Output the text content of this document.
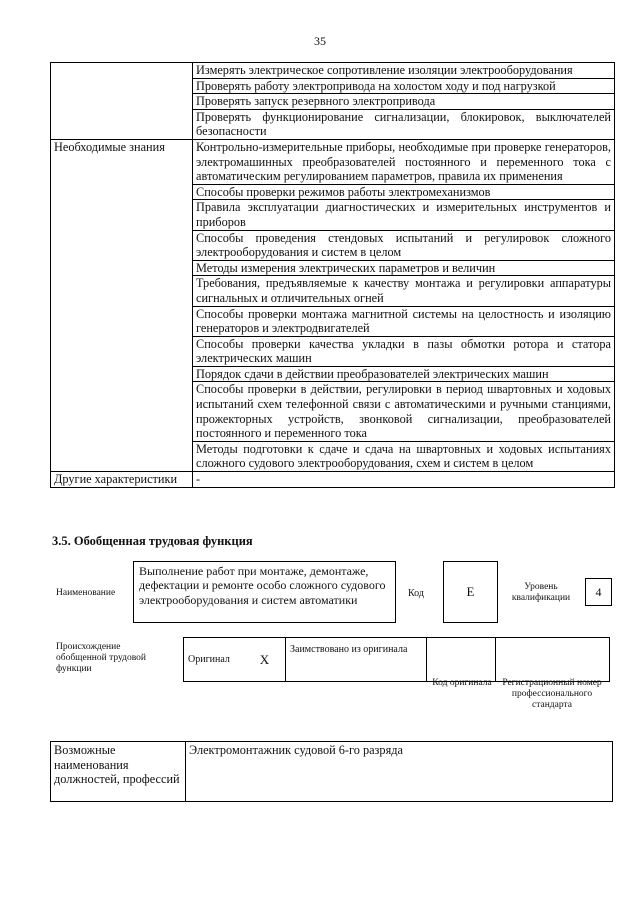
35
	Измерять электрическое сопротивление изоляции электрооборудования
	Проверять работу электропривода на холостом ходу и под нагрузкой
	Проверять запуск резервного электропривода
	Проверять функционирование сигнализации, блокировок, выключателей безопасности
Необходимые знания	Контрольно-измерительные приборы, необходимые при проверке генераторов, электромашинных преобразователей постоянного и переменного тока с автоматическим регулированием параметров, правила их применения
	Способы проверки режимов работы электромеханизмов
	Правила эксплуатации диагностических и измерительных инструментов и приборов
	Способы проведения стендовых испытаний и регулировок сложного электрооборудования и систем в целом
	Методы измерения электрических параметров и величин
	Требования, предъявляемые к качеству монтажа и регулировки аппаратуры сигнальных и отличительных огней
	Способы проверки монтажа магнитной системы на целостность и изоляцию генераторов и электродвигателей
	Способы проверки качества укладки в пазы обмотки ротора и статора электрических машин
	Порядок сдачи в действии преобразователей электрических машин
	Способы проверки в действии, регулировки в период швартовных и ходовых испытаний схем телефонной связи с автоматическими и ручными станциями, прожекторных устройств, звонковой сигнализации, преобразователей постоянного и переменного тока
	Методы подготовки к сдаче и сдача на швартовных и ходовых испытаниях сложного судового электрооборудования, схем и систем в целом
Другие характеристики	-
3.5. Обобщенная трудовая функция
Наименование
Выполнение работ при монтаже, демонтаже, дефектации и ремонте особо сложного судового электрооборудования и систем автоматики	Код	E	Уровень квалификации	4
Происхождение обобщенной трудовой функции
Оригинал	X	Заимствовано из оригинала		
Код оригинала Регистрационный номер профессионального стандарта
Возможные наименования должностей, профессий	Электромонтажник судовой 6-го разряда
